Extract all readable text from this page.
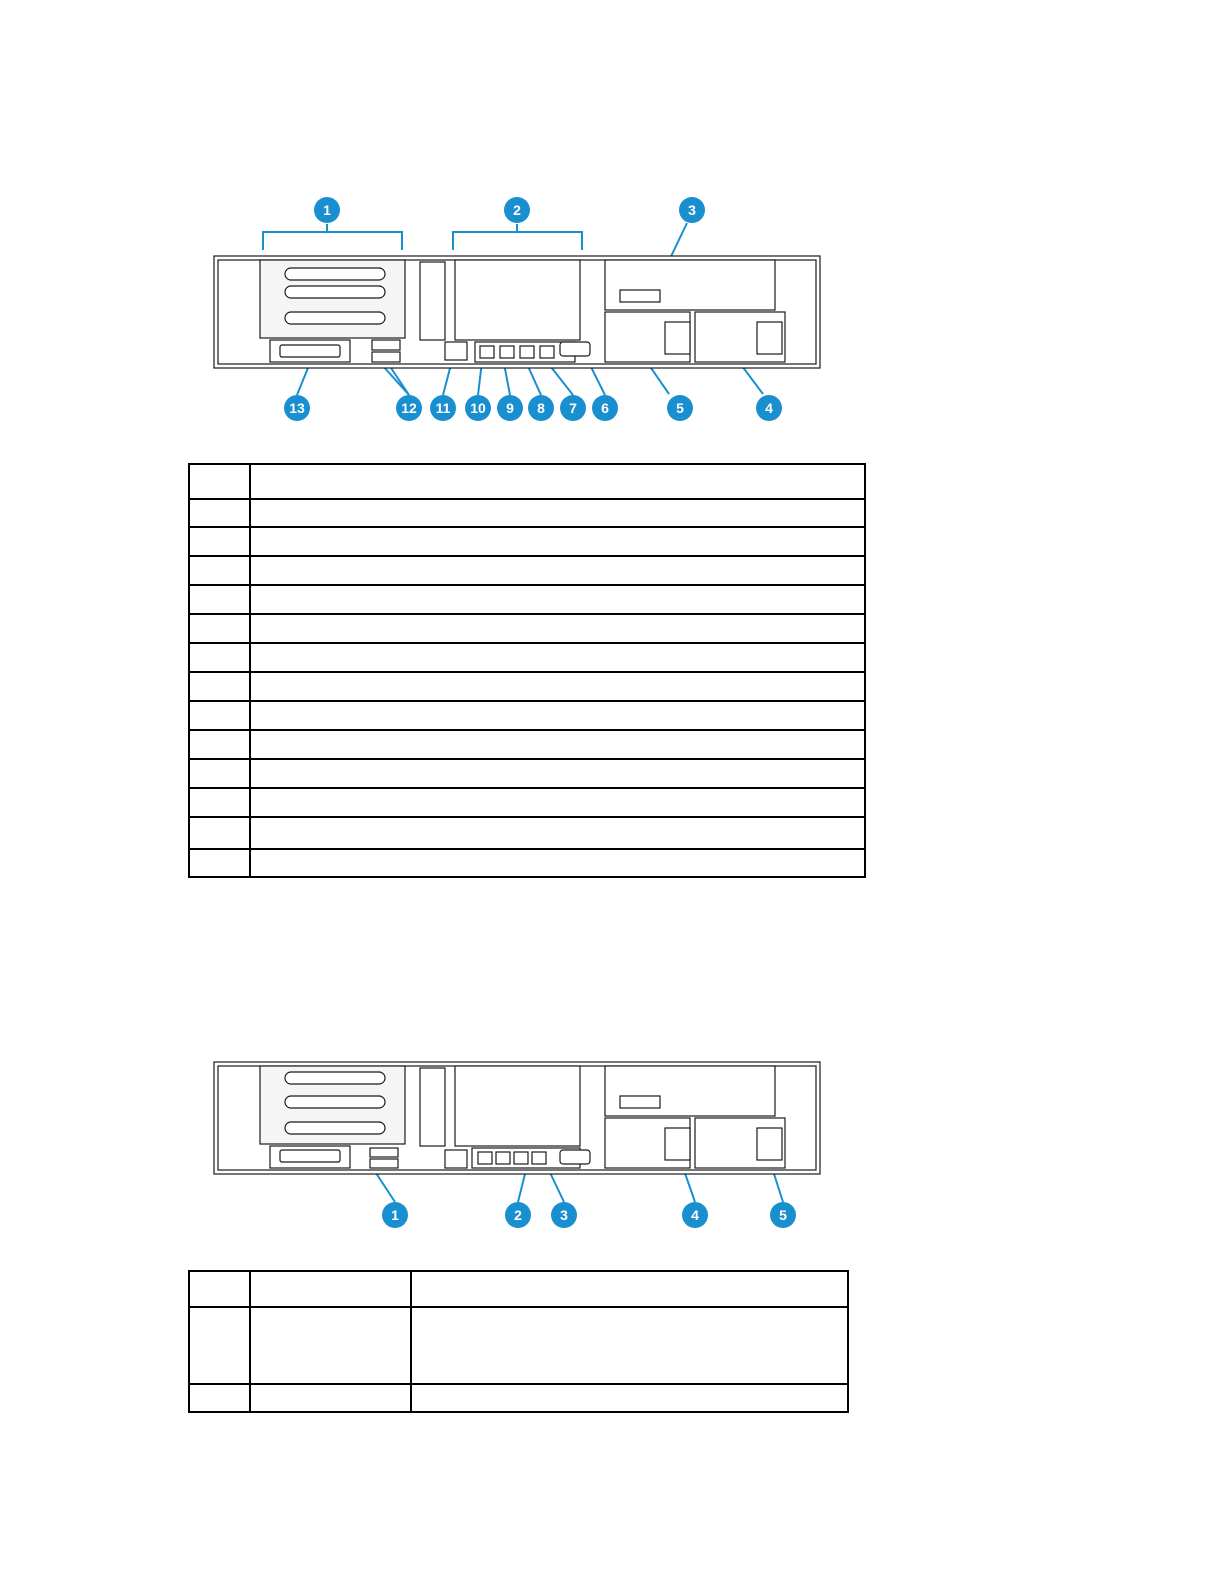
1	2	3
4
5
6
7
8
9
10
11
12
13

1	2	3	4	5
